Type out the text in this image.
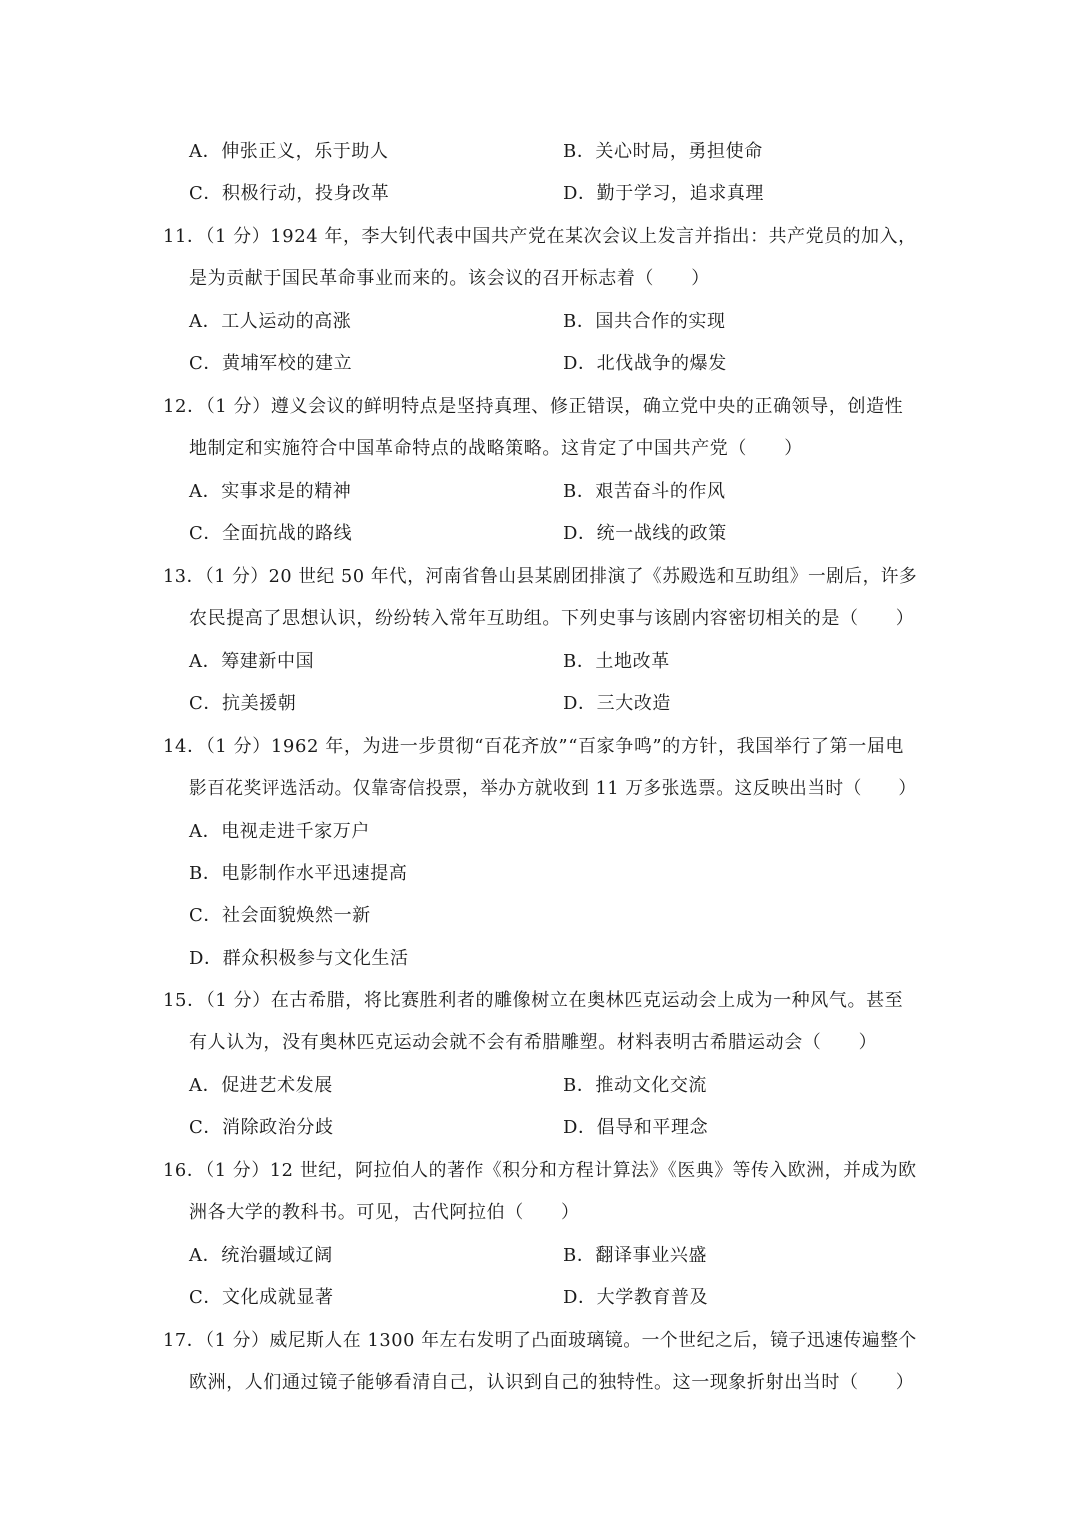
A．伸张正义，乐于助人	B．关心时局，勇担使命
C．积极行动，投身改革	D．勤于学习，追求真理
11．（1 分）1924 年，李大钊代表中国共产党在某次会议上发言并指出：共产党员的加入，
是为贡献于国民革命事业而来的。该会议的召开标志着（　　）
A．工人运动的高涨	B．国共合作的实现
C．黄埔军校的建立	D．北伐战争的爆发
12．（1 分）遵义会议的鲜明特点是坚持真理、修正错误，确立党中央的正确领导，创造性
地制定和实施符合中国革命特点的战略策略。这肯定了中国共产党（　　）
A．实事求是的精神	B．艰苦奋斗的作风
C．全面抗战的路线	D．统一战线的政策
13．（1 分）20 世纪 50 年代，河南省鲁山县某剧团排演了《苏殿选和互助组》一剧后，许多
农民提高了思想认识，纷纷转入常年互助组。下列史事与该剧内容密切相关的是（　　）
A．筹建新中国	B．土地改革
C．抗美援朝	D．三大改造
14．（1 分）1962 年，为进一步贯彻“百花齐放”“百家争鸣”的方针，我国举行了第一届电
影百花奖评选活动。仅靠寄信投票，举办方就收到 11 万多张选票。这反映出当时（　　）
A．电视走进千家万户
B．电影制作水平迅速提高
C．社会面貌焕然一新
D．群众积极参与文化生活
15．（1 分）在古希腊，将比赛胜利者的雕像树立在奥林匹克运动会上成为一种风气。甚至
有人认为，没有奥林匹克运动会就不会有希腊雕塑。材料表明古希腊运动会（　　）
A．促进艺术发展	B．推动文化交流
C．消除政治分歧	D．倡导和平理念
16．（1 分）12 世纪，阿拉伯人的著作《积分和方程计算法》《医典》等传入欧洲，并成为欧
洲各大学的教科书。可见，古代阿拉伯（　　）
A．统治疆域辽阔	B．翻译事业兴盛
C．文化成就显著	D．大学教育普及
17．（1 分）威尼斯人在 1300 年左右发明了凸面玻璃镜。一个世纪之后，镜子迅速传遍整个
欧洲，人们通过镜子能够看清自己，认识到自己的独特性。这一现象折射出当时（　　）
